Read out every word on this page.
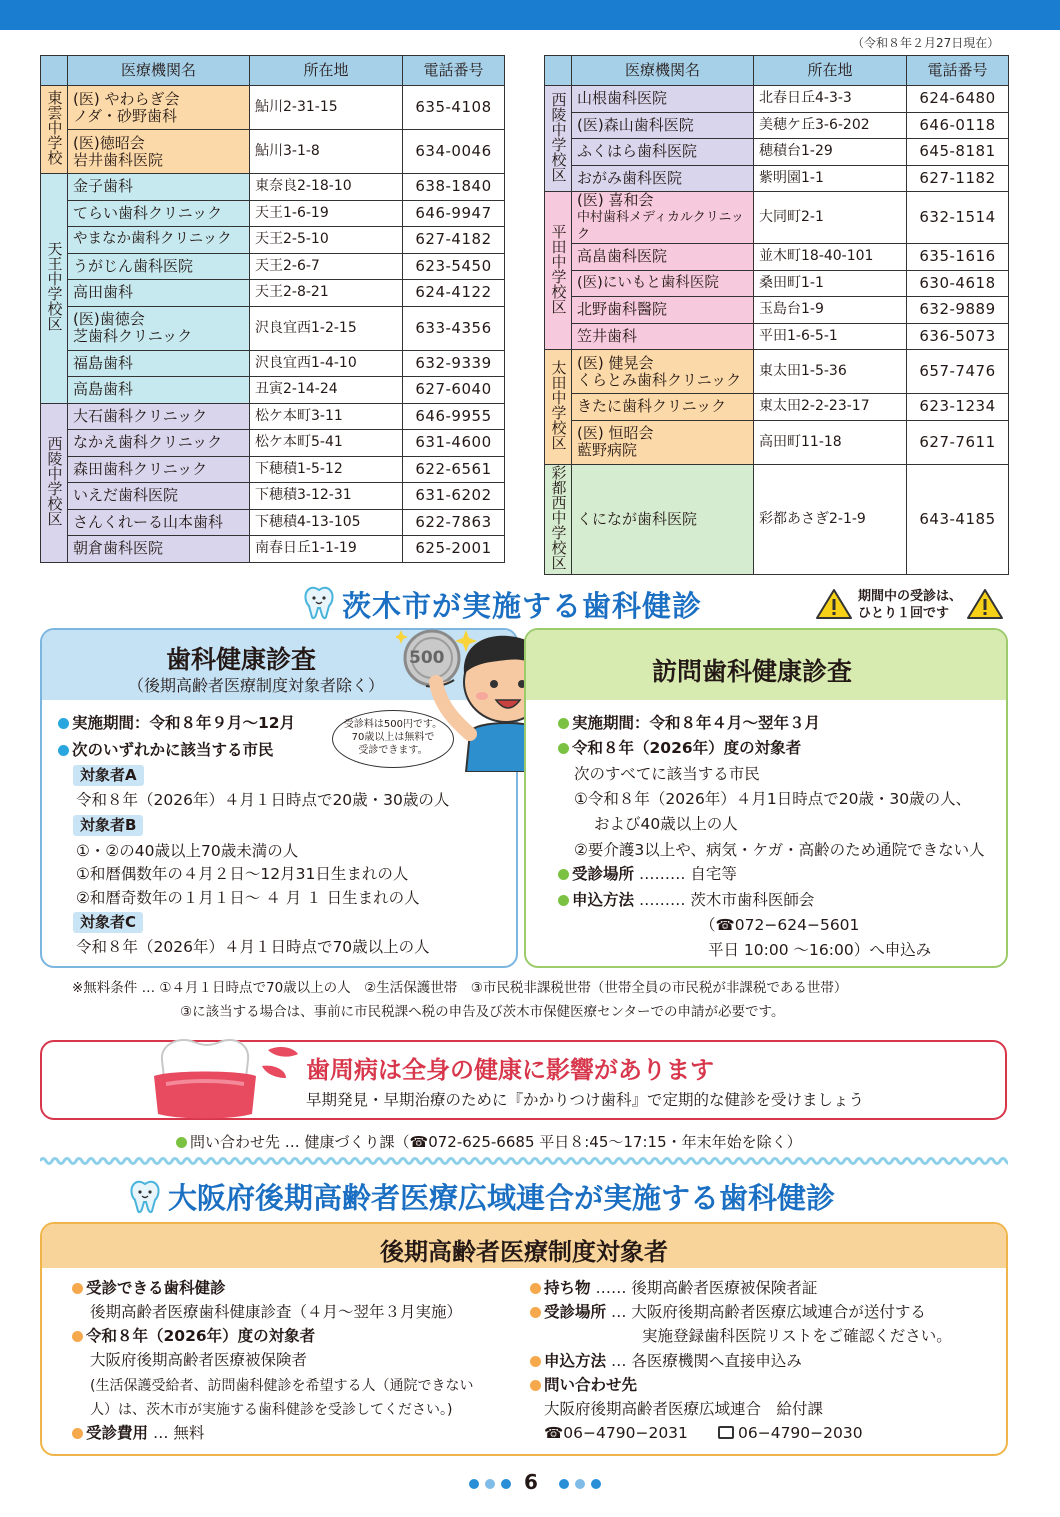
（令和８年２月27日現在）
	医療機関名	所在地	電話番号
東雲中学校	(医) やわらぎ会
ノダ・砂野歯科	鮎川2-31-15	635-4108

	(医)徳昭会
岩井歯科医院	鮎川3-1-8	634-0046
天王中学校区	金子歯科	東奈良2-18-10	638-1840

	てらい歯科クリニック	天王1-6-19	646-9947

	やまなか歯科クリニック	天王2-5-10	627-4182

	うがじん歯科医院	天王2-6-7	623-5450

	高田歯科	天王2-8-21	624-4122

	(医)歯徳会
芝歯科クリニック	沢良宜西1-2-15	633-4356

	福島歯科	沢良宜西1-4-10	632-9339

	高島歯科	丑寅2-14-24	627-6040
西陵中学校区	大石歯科クリニック	松ケ本町3-11	646-9955

	なかえ歯科クリニック	松ケ本町5-41	631-4600

	森田歯科クリニック	下穂積1-5-12	622-6561

	いえだ歯科医院	下穂積3-12-31	631-6202

	さんくれーる山本歯科	下穂積4-13-105	622-7863

	朝倉歯科医院	南春日丘1-1-19	625-2001
	医療機関名	所在地	電話番号
西陵中学校区	山根歯科医院	北春日丘4-3-3	624-6480

	(医)森山歯科医院	美穂ケ丘3-6-202	646-0118

	ふくはら歯科医院	穂積台1-29	645-8181

	おがみ歯科医院	紫明園1-1	627-1182
平田中学校区	(医) 喜和会
中村歯科メディカルクリニック	大同町2-1	632-1514

	高畠歯科医院	並木町18-40-101	635-1616

	(医)にいもと歯科医院	桑田町1-1	630-4618

	北野歯科醫院	玉島台1-9	632-9889

	笠井歯科	平田1-6-5-1	636-5073
太田中学校区	(医) 健晃会
くらとみ歯科クリニック	東太田1-5-36	657-7476

	きたに歯科クリニック	東太田2-2-23-17	623-1234

	(医) 恒昭会
藍野病院	高田町11-18	627-7611
彩都西中学校区	くになが歯科医院	彩都あさぎ2-1-9	643-4185
茨木市が実施する歯科健診	期間中の受診は、
ひとり１回です
歯科健康診査
（後期高齢者医療制度対象者除く）
500
受診料は500円です。
70歳以上は無料で
受診できます。
実施期間：令和８年９月〜12月
次のいずれかに該当する市民
対象者A
令和８年（2026年）４月１日時点で20歳・30歳の人
対象者B
①・②の40歳以上70歳未満の人
①和暦偶数年の４月２日〜12月31日生まれの人
②和暦奇数年の１月１日〜 ４ 月 １ 日生まれの人
対象者C
令和８年（2026年）４月１日時点で70歳以上の人
訪問歯科健康診査
実施期間：令和８年４月〜翌年３月
令和８年（2026年）度の対象者
次のすべてに該当する市民
①令和８年（2026年）４月1日時点で20歳・30歳の人、
および40歳以上の人
②要介護3以上や、病気・ケガ・高齢のため通院できない人
受診場所 ……… 自宅等
申込方法 ……… 茨木市歯科医師会
（☎072−624−5601
平日 10:00 〜16:00）へ申込み
※無料条件 … ①４月１日時点で70歳以上の人　②生活保護世帯　③市民税非課税世帯（世帯全員の市民税が非課税である世帯）
③に該当する場合は、事前に市民税課へ税の申告及び茨木市保健医療センターでの申請が必要です。
歯周病は全身の健康に影響があります
早期発見・早期治療のために『かかりつけ歯科』で定期的な健診を受けましょう
問い合わせ先 … 健康づくり課（☎072-625-6685 平日８:45〜17:15・年末年始を除く）
大阪府後期高齢者医療広域連合が実施する歯科健診
後期高齢者医療制度対象者
受診できる歯科健診
後期高齢者医療歯科健康診査（４月〜翌年３月実施）
令和８年（2026年）度の対象者
大阪府後期高齢者医療被保険者
(生活保護受給者、訪問歯科健診を希望する人（通院できない
人）は、茨木市が実施する歯科健診を受診してください。)
受診費用 … 無料
持ち物 …… 後期高齢者医療被保険者証
受診場所 … 大阪府後期高齢者医療広域連合が送付する
実施登録歯科医院リストをご確認ください。
申込方法 … 各医療機関へ直接申込み
問い合わせ先
大阪府後期高齢者医療広域連合　給付課
☎06−4790−2031	06−4790−2030
6
